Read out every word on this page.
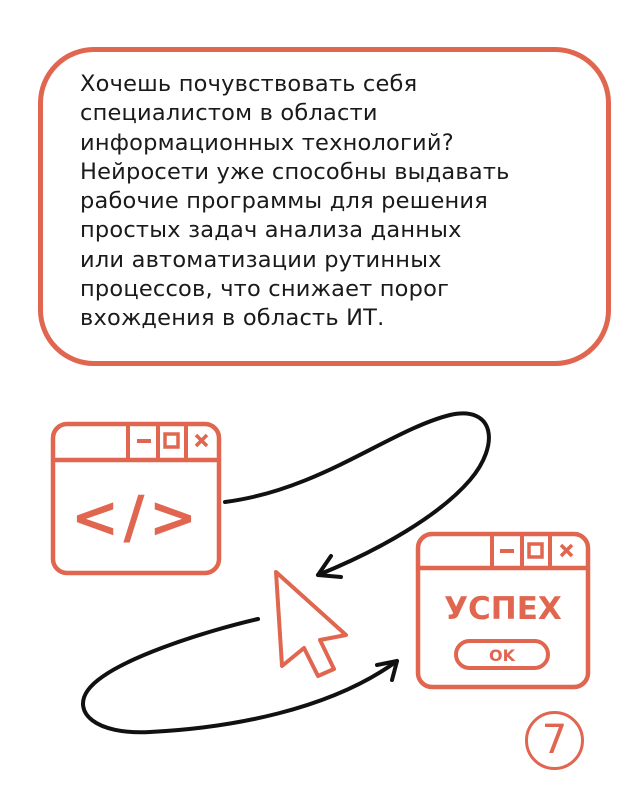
Хочешь почувствовать себя
специалистом в области
информационных технологий?
Нейросети уже способны выдавать
рабочие программы для решения
простых задач анализа данных
или автоматизации рутинных
процессов, что снижает порог
вхождения в область ИТ.

</>
УСПЕХ
OK
7
